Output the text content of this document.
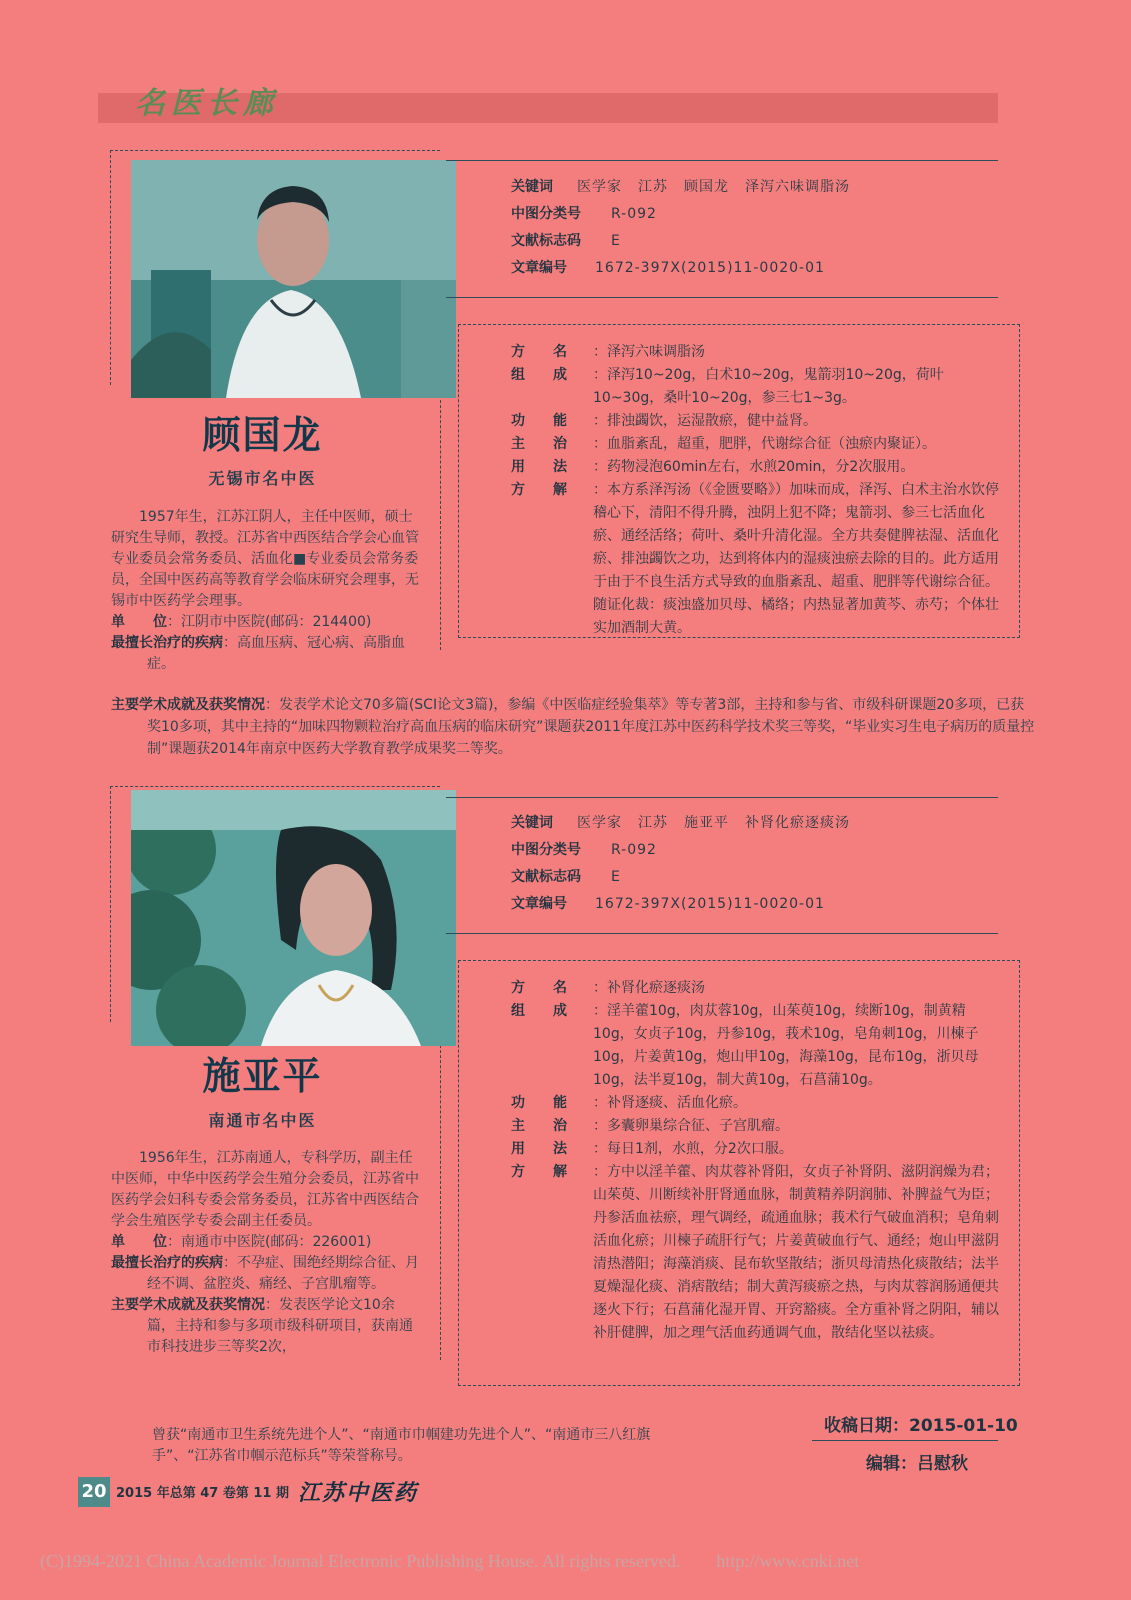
名医长廊
顾国龙
无锡市名中医
1957年生，江苏江阴人，主任中医师，硕士研究生导师，教授。江苏省中西医结合学会心血管专业委员会常务委员、活血化■专业委员会常务委员，全国中医药高等教育学会临床研究会理事，无锡市中医药学会理事。
单　　位：江阴市中医院(邮码：214400)
最擅长治疗的疾病：高血压病、冠心病、高脂血症。
主要学术成就及获奖情况：发表学术论文70多篇(SCI论文3篇)，参编《中医临症经验集萃》等专著3部，主持和参与省、市级科研课题20多项，已获奖10多项，其中主持的“加味四物颗粒治疗高血压病的临床研究”课题获2011年度江苏中医药科学技术奖三等奖，“毕业实习生电子病历的质量控制”课题获2014年南京中医药大学教育教学成果奖二等奖。
关键词 医学家 江苏 顾国龙 泽泻六味调脂汤
中图分类号 R-092
文献标志码 E
文章编号 1672-397X(2015)11-0020-01
方　　名	：泽泻六味调脂汤
组　　成	：泽泻10~20g，白术10~20g，鬼箭羽10~20g，荷叶10~30g，桑叶10~20g，参三七1~3g。
功　　能	：排浊蠲饮，运湿散瘀，健中益肾。
主　　治	：血脂紊乱，超重，肥胖，代谢综合征（浊瘀内聚证）。
用　　法	：药物浸泡60min左右，水煎20min，分2次服用。
方　　解	：本方系泽泻汤（《金匮要略》）加味而成，泽泻、白术主治水饮停稽心下，清阳不得升腾，浊阴上犯不降；鬼箭羽、参三七活血化瘀、通经活络；荷叶、桑叶升清化湿。全方共奏健脾祛湿、活血化瘀、排浊蠲饮之功，达到将体内的湿痰浊瘀去除的目的。此方适用于由于不良生活方式导致的血脂紊乱、超重、肥胖等代谢综合征。随证化裁：痰浊盛加贝母、橘络；内热显著加黄芩、赤芍；个体壮实加酒制大黄。
施亚平
南通市名中医
1956年生，江苏南通人，专科学历，副主任中医师，中华中医药学会生殖分会委员，江苏省中医药学会妇科专委会常务委员，江苏省中西医结合学会生殖医学专委会副主任委员。
单　　位：南通市中医院(邮码：226001)
最擅长治疗的疾病：不孕症、围绝经期综合征、月经不调、盆腔炎、痛经、子宫肌瘤等。
主要学术成就及获奖情况：发表医学论文10余篇，主持和参与多项市级科研项目，获南通市科技进步三等奖2次，
曾获“南通市卫生系统先进个人”、“南通市巾帼建功先进个人”、“南通市三八红旗手”、“江苏省巾帼示范标兵”等荣誉称号。
关键词 医学家 江苏 施亚平 补肾化瘀逐痰汤
中图分类号 R-092
文献标志码 E
文章编号 1672-397X(2015)11-0020-01
方　　名	：补肾化瘀逐痰汤
组　　成	：淫羊藿10g，肉苁蓉10g，山茱萸10g，续断10g，制黄精10g，女贞子10g，丹参10g，莪术10g，皂角刺10g，川楝子10g，片姜黄10g，炮山甲10g，海藻10g，昆布10g，浙贝母10g，法半夏10g，制大黄10g，石菖蒲10g。
功　　能	：补肾逐痰、活血化瘀。
主　　治	：多囊卵巢综合征、子宫肌瘤。
用　　法	：每日1剂，水煎，分2次口服。
方　　解	：方中以淫羊藿、肉苁蓉补肾阳，女贞子补肾阴、滋阴润燥为君；山茱萸、川断续补肝肾通血脉，制黄精养阴润肺、补脾益气为臣；丹参活血祛瘀，理气调经，疏通血脉；莪术行气破血消积；皂角刺活血化瘀；川楝子疏肝行气；片姜黄破血行气、通经；炮山甲滋阴清热潜阳；海藻消痰、昆布软坚散结；浙贝母清热化痰散结；法半夏燥湿化痰、消痞散结；制大黄泻痰瘀之热，与肉苁蓉润肠通便共逐火下行；石菖蒲化湿开胃、开窍豁痰。全方重补肾之阴阳，辅以补肝健脾，加之理气活血药通调气血，散结化坚以祛痰。
收稿日期：2015-01-10
编辑：吕慰秋
20 2015 年总第 47 卷第 11 期 江苏中医药
(C)1994-2021 China Academic Journal Electronic Publishing House. All rights reserved.　　http://www.cnki.net
